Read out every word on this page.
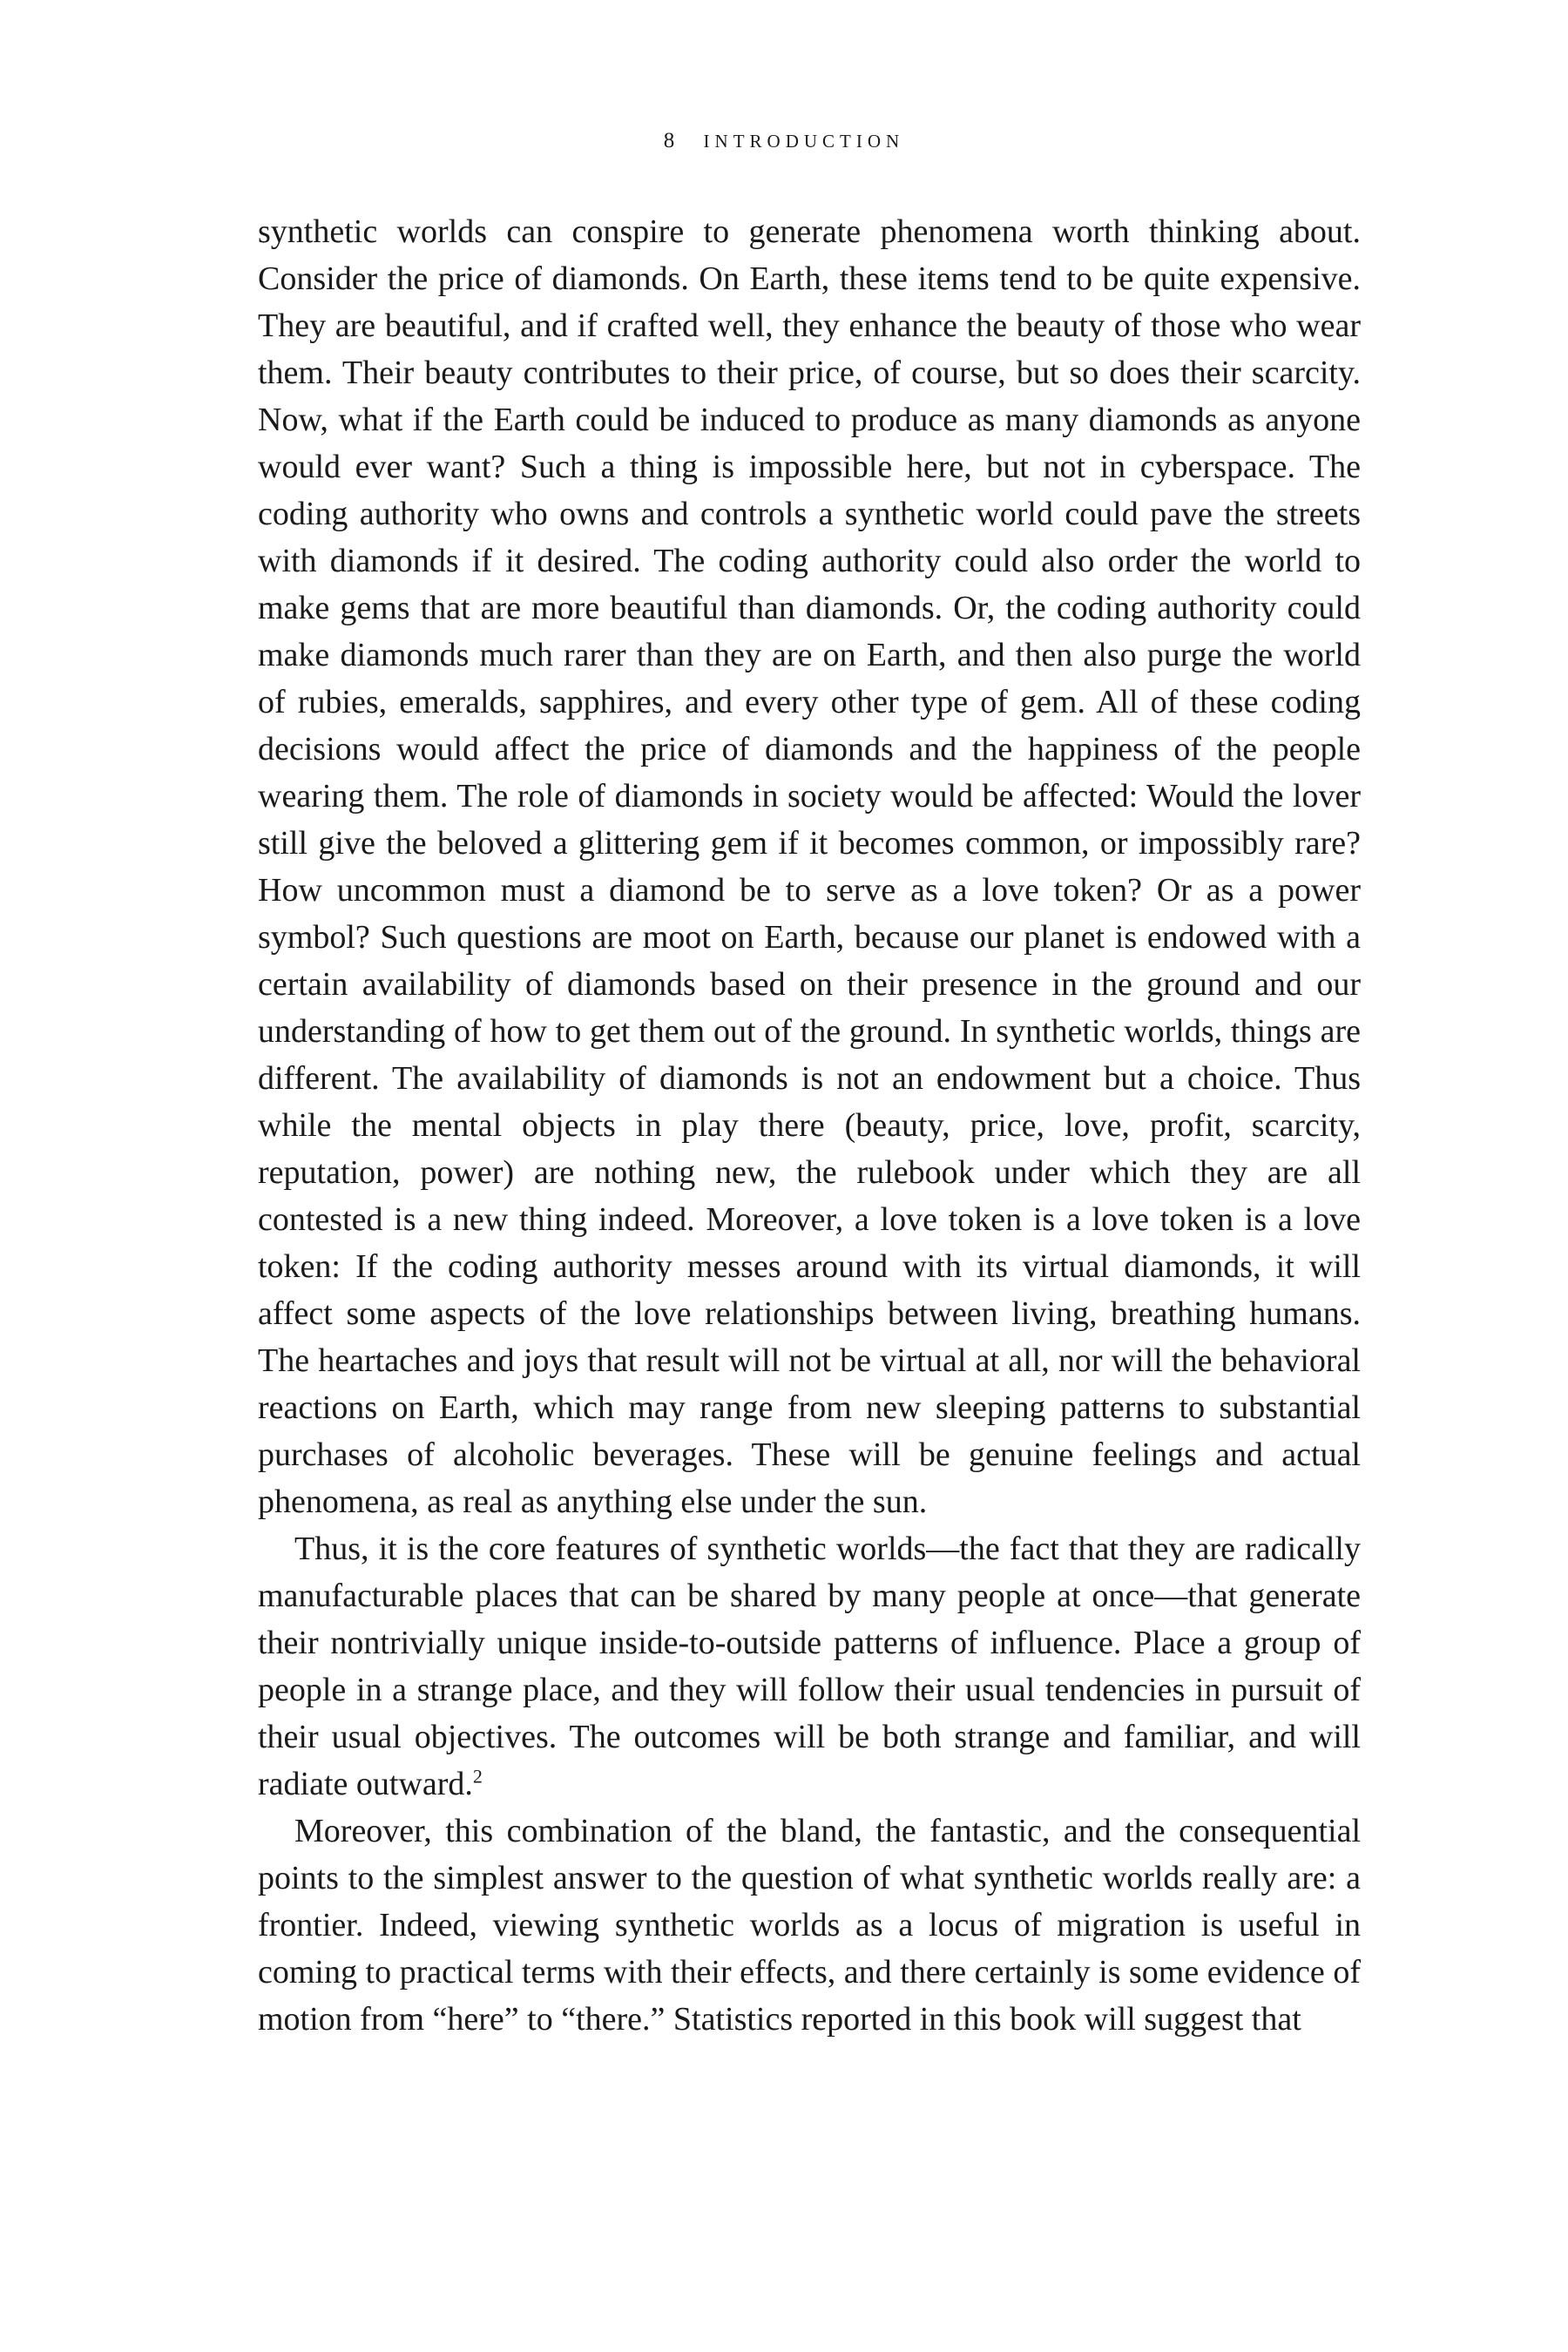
8 INTRODUCTION

synthetic worlds can conspire to generate phenomena worth thinking about. Consider the price of diamonds. On Earth, these items tend to be quite expensive. They are beautiful, and if crafted well, they enhance the beauty of those who wear them. Their beauty contributes to their price, of course, but so does their scarcity. Now, what if the Earth could be induced to produce as many diamonds as anyone would ever want? Such a thing is impossible here, but not in cyberspace. The coding authority who owns and controls a synthetic world could pave the streets with diamonds if it desired. The coding authority could also order the world to make gems that are more beautiful than diamonds. Or, the coding authority could make diamonds much rarer than they are on Earth, and then also purge the world of rubies, emeralds, sapphires, and every other type of gem. All of these coding decisions would affect the price of diamonds and the happiness of the people wearing them. The role of diamonds in society would be affected: Would the lover still give the beloved a glittering gem if it becomes common, or impossibly rare? How uncommon must a diamond be to serve as a love token? Or as a power symbol? Such questions are moot on Earth, because our planet is endowed with a certain availability of diamonds based on their presence in the ground and our understanding of how to get them out of the ground. In synthetic worlds, things are different. The availability of diamonds is not an endowment but a choice. Thus while the mental objects in play there (beauty, price, love, profit, scarcity, reputation, power) are nothing new, the rulebook under which they are all contested is a new thing indeed. Moreover, a love token is a love token is a love token: If the coding authority messes around with its virtual diamonds, it will affect some aspects of the love relationships between living, breathing humans. The heartaches and joys that result will not be virtual at all, nor will the behavioral reactions on Earth, which may range from new sleeping patterns to substantial purchases of alcoholic beverages. These will be genuine feelings and actual phenomena, as real as anything else under the sun.

Thus, it is the core features of synthetic worlds—the fact that they are radically manufacturable places that can be shared by many people at once—that generate their nontrivially unique inside-to-outside patterns of influence. Place a group of people in a strange place, and they will follow their usual tendencies in pursuit of their usual objectives. The outcomes will be both strange and familiar, and will radiate outward.$^2$

Moreover, this combination of the bland, the fantastic, and the consequential points to the simplest answer to the question of what synthetic worlds really are: a frontier. Indeed, viewing synthetic worlds as a locus of migration is useful in coming to practical terms with their effects, and there certainly is some evidence of motion from “here” to “there.” Statistics reported in this book will suggest that
